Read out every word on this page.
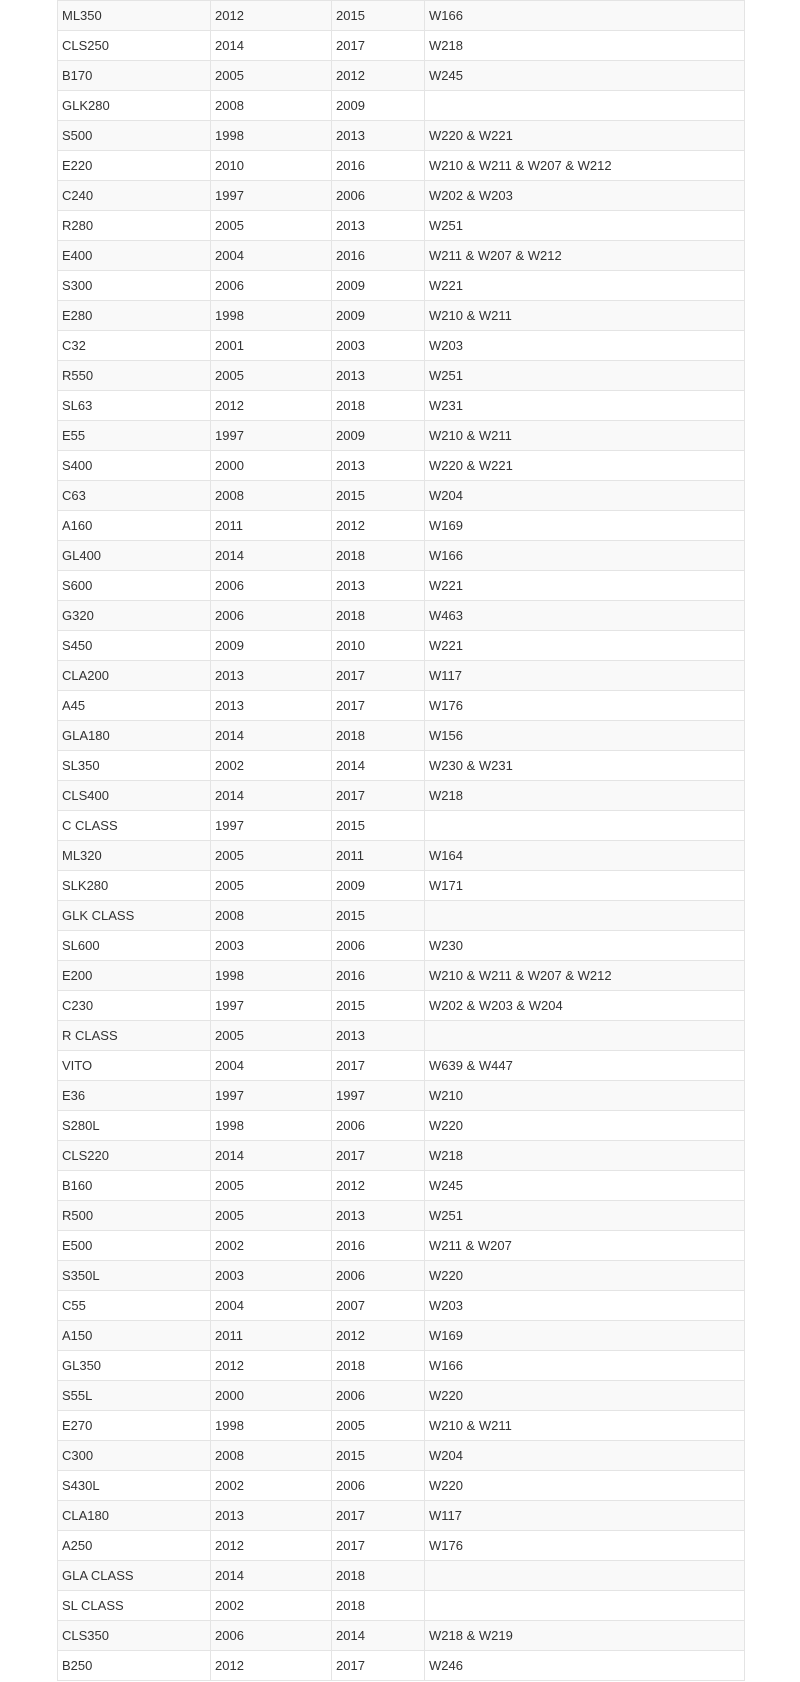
ML350	2012	2015	W166
CLS250	2014	2017	W218
B170	2005	2012	W245
GLK280	2008	2009	
S500	1998	2013	W220 & W221
E220	2010	2016	W210 & W211 & W207 & W212
C240	1997	2006	W202 & W203
R280	2005	2013	W251
E400	2004	2016	W211 & W207 & W212
S300	2006	2009	W221
E280	1998	2009	W210 & W211
C32	2001	2003	W203
R550	2005	2013	W251
SL63	2012	2018	W231
E55	1997	2009	W210 & W211
S400	2000	2013	W220 & W221
C63	2008	2015	W204
A160	2011	2012	W169
GL400	2014	2018	W166
S600	2006	2013	W221
G320	2006	2018	W463
S450	2009	2010	W221
CLA200	2013	2017	W117
A45	2013	2017	W176
GLA180	2014	2018	W156
SL350	2002	2014	W230 & W231
CLS400	2014	2017	W218
C CLASS	1997	2015	
ML320	2005	2011	W164
SLK280	2005	2009	W171
GLK CLASS	2008	2015	
SL600	2003	2006	W230
E200	1998	2016	W210 & W211 & W207 & W212
C230	1997	2015	W202 & W203 & W204
R CLASS	2005	2013	
VITO	2004	2017	W639 & W447
E36	1997	1997	W210
S280L	1998	2006	W220
CLS220	2014	2017	W218
B160	2005	2012	W245
R500	2005	2013	W251
E500	2002	2016	W211 & W207
S350L	2003	2006	W220
C55	2004	2007	W203
A150	2011	2012	W169
GL350	2012	2018	W166
S55L	2000	2006	W220
E270	1998	2005	W210 & W211
C300	2008	2015	W204
S430L	2002	2006	W220
CLA180	2013	2017	W117
A250	2012	2017	W176
GLA CLASS	2014	2018	
SL CLASS	2002	2018	
CLS350	2006	2014	W218 & W219
B250	2012	2017	W246
